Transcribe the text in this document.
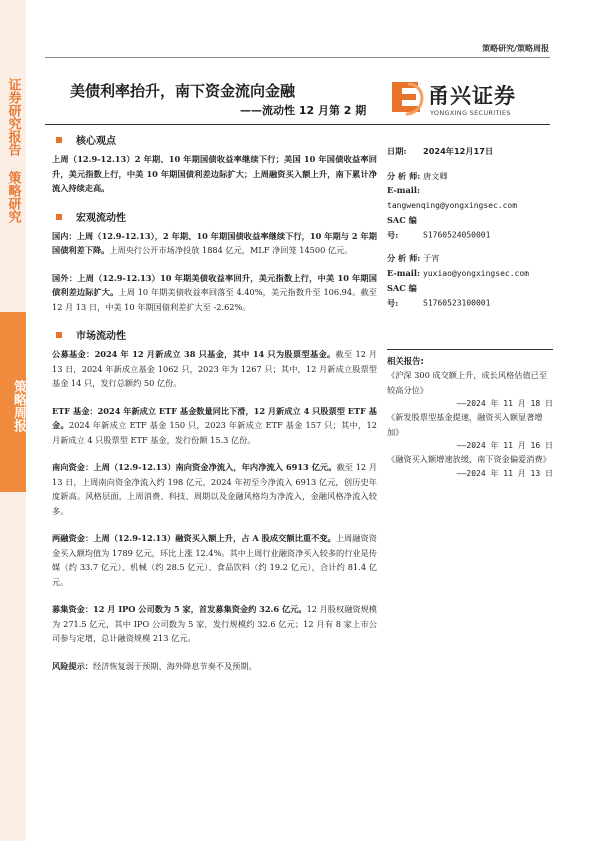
证券研究报告 策略研究
策略周报
策略研究/策略周报
美债利率抬升，南下资金流向金融
——流动性 12 月第 2 期
甬兴证券
YONGXING SECURITIES
核心观点

上周（12.9-12.13）2 年期、10 年期国债收益率继续下行；美国 10 年国债收益率回升，美元指数上行，中美 10 年期国债利差边际扩大；上周融资买入额上升，南下累计净流入持续走高。

宏观流动性

国内：上周（12.9-12.13），2 年期、10 年期国债收益率继续下行，10 年期与 2 年期国债利差下降。上周央行公开市场净投放 1884 亿元，MLF 净回笼 14500 亿元。

国外：上周（12.9-12.13）10 年期美债收益率回升，美元指数上行，中美 10 年期国债利差边际扩大。上周 10 年期美债收益率回落至 4.40%，美元指数升至 106.94。截至 12 月 13 日，中美 10 年期国债利差扩大至 -2.62%。

市场流动性

公募基金：2024 年 12 月新成立 38 只基金，其中 14 只为股票型基金。截至 12 月 13 日，2024 年新成立基金 1062 只，2023 年为 1267 只；其中，12 月新成立股票型基金 14 只，发行总额约 50 亿份。

ETF 基金：2024 年新成立 ETF 基金数量同比下滑，12 月新成立 4 只股票型 ETF 基金。2024 年新成立 ETF 基金 150 只，2023 年新成立 ETF 基金 157 只；其中，12 月新成立 4 只股票型 ETF 基金，发行份额 15.3 亿份。

南向资金：上周（12.9-12.13）南向资金净流入，年内净流入 6913 亿元。截至 12 月 13 日，上周南向资金净流入约 198 亿元，2024 年初至今净流入 6913 亿元，创历史年度新高。风格层面，上周消费、科技、周期以及金融风格均为净流入，金融风格净流入较多。

两融资金：上周（12.9-12.13）融资买入额上升，占 A 股成交额比重不变。上周融资资金买入额均值为 1789 亿元，环比上涨 12.4%。其中上周行业融资净买入较多的行业是传媒（约 33.7 亿元）、机械（约 28.5 亿元）、食品饮料（约 19.2 亿元），合计约 81.4 亿元。

募集资金：12 月 IPO 公司数为 5 家，首发募集资金约 32.6 亿元。12 月股权融资规模为 271.5 亿元，其中 IPO 公司数为 5 家，发行规模约 32.6 亿元；12 月有 8 家上市公司参与定增，总计融资规模 213 亿元。

风险提示：经济恢复弱于预期、海外降息节奏不及预期。

日期: 2024年12月17日
分 析 师: 唐文卿
E-mail:tangwenqing@yongxingsec.com
SAC 编号:	S1760524050001
分 析 师: 于宵
E-mail: yuxiao@yongxingsec.com
SAC 编号:	S1760523100001
相关报告:
《沪深 300 成交额上升，成长风格估值已至较高分位》
——2024 年 11 月 18 日
《新发股票型基金提速，融资买入额显著增加》
——2024 年 11 月 16 日
《融资买入额增速放缓，南下资金偏爱消费》
——2024 年 11 月 13 日
